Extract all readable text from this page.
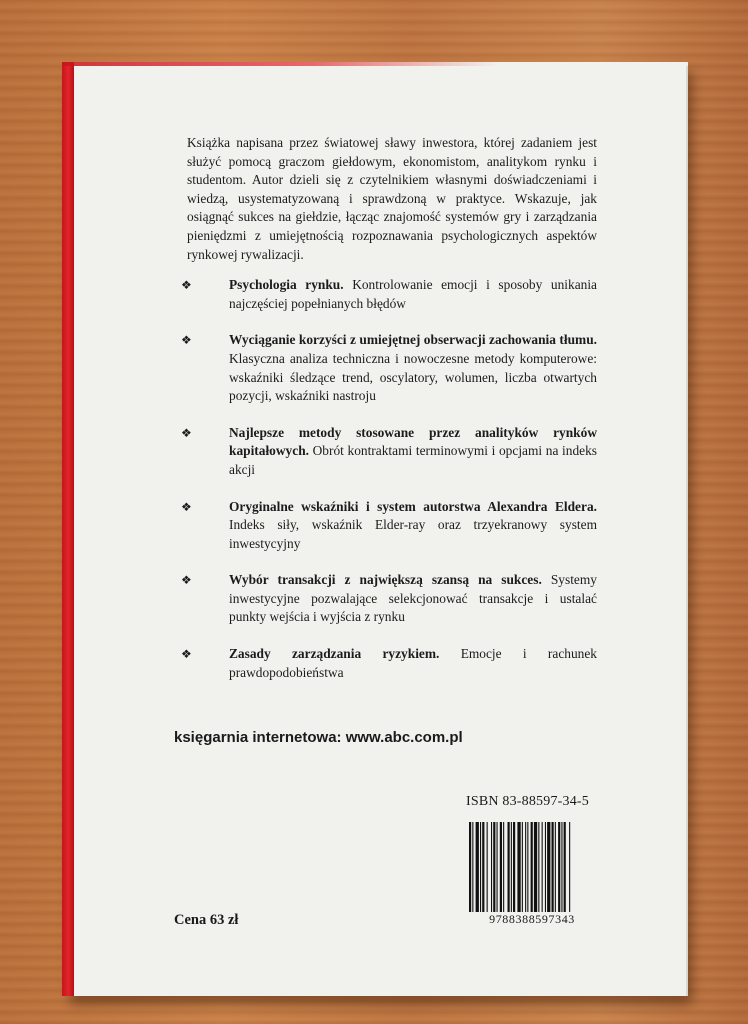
Książka napisana przez światowej sławy inwestora, której zadaniem jest służyć pomocą graczom giełdowym, ekonomistom, analitykom rynku i studentom. Autor dzieli się z czytelnikiem własnymi doświadczeniami i wiedzą, usystematyzowaną i sprawdzoną w praktyce. Wskazuje, jak osiągnąć sukces na giełdzie, łącząc znajomość systemów gry i zarządzania pieniędzmi z umiejętnością rozpoznawania psychologicznych aspektów rynkowej rywalizacji.

❖	Psychologia rynku. Kontrolowanie emocji i sposoby unikania najczęściej popełnianych błędów
❖	Wyciąganie korzyści z umiejętnej obserwacji zachowania tłumu. Klasyczna analiza techniczna i nowoczesne metody komputerowe: wskaźniki śledzące trend, oscylatory, wolumen, liczba otwartych pozycji, wskaźniki nastroju
❖	Najlepsze metody stosowane przez analityków rynków kapitałowych. Obrót kontraktami terminowymi i opcjami na indeks akcji
❖	Oryginalne wskaźniki i system autorstwa Alexandra Eldera. Indeks siły, wskaźnik Elder-ray oraz trzyekranowy system inwestycyjny
❖	Wybór transakcji z największą szansą na sukces. Systemy inwestycyjne pozwalające selekcjonować transakcje i ustalać punkty wejścia i wyjścia z rynku
❖	Zasady zarządzania ryzykiem. Emocje i rachunek prawdopodobieństwa
księgarnia internetowa: www.abc.com.pl
ISBN 83-88597-34-5
9788388597343
Cena 63 zł
